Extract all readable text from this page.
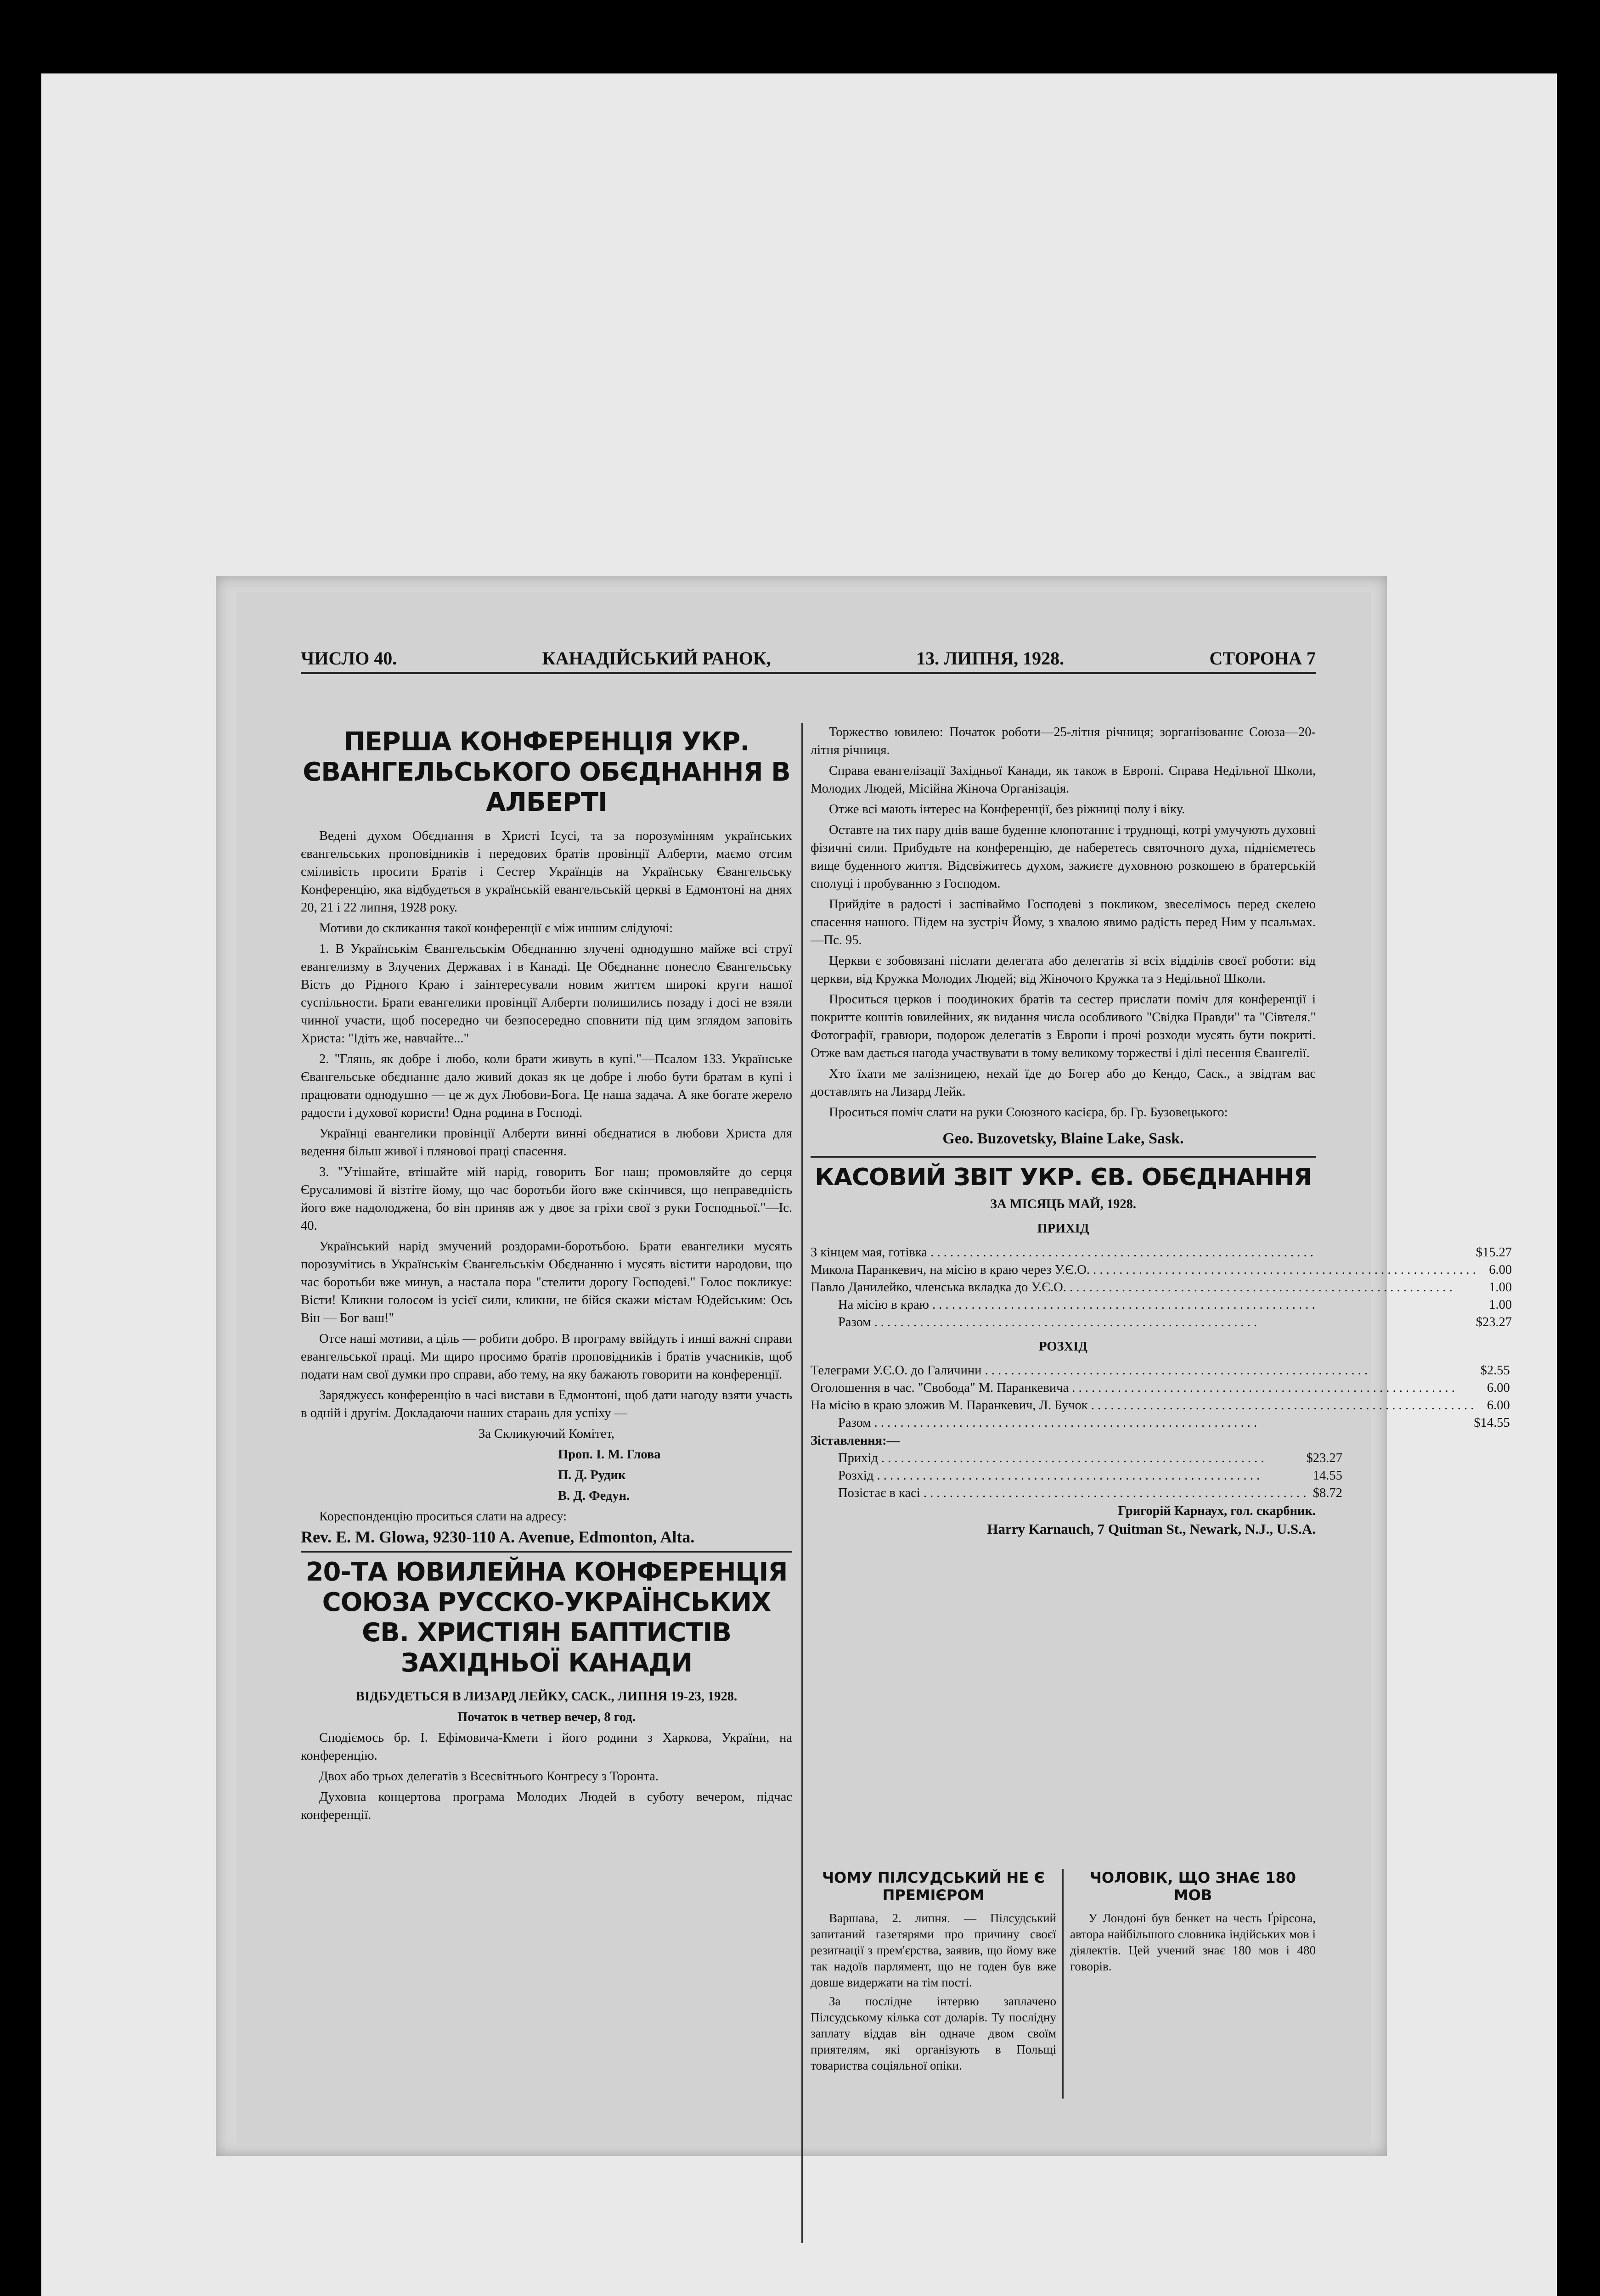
ЧИСЛО 40.	КАНАДІЙСЬКИЙ РАНОК,	13. ЛИПНЯ, 1928.	СТОРОНА 7
ПЕРША КОНФЕРЕНЦІЯ УКР. ЄВАНГЕЛЬСЬКОГО ОБЄДНАННЯ В АЛБЕРТІ

Ведені духом Обєднання в Христі Ісусі, та за порозумінням українських євангельських проповідників і передових братів провінції Алберти, маємо отсим сміливість просити Братів і Сестер Українців на Українську Євангельську Конференцію, яка відбудеться в українській евангельській церкві в Едмонтоні на днях 20, 21 і 22 липня, 1928 року.

Мотиви до скликання такої конференції є між иншим слідуючі:

1. В Українськім Євангельськім Обєднанню злучені однодушно майже всі струї евангелизму в Злучених Державах і в Канаді. Це Обєднаннє понесло Євангельську Вість до Рідного Краю і заінтересували новим життєм широкі круги нашої суспільности. Брати евангелики провінції Алберти полишились позаду і досі не взяли чинної участи, щоб посередно чи безпосередно сповнити під цим зглядом заповіть Христа: "Ідіть же, навчайте..."

2. "Глянь, як добре і любо, коли брати живуть в купі."—Псалом 133. Українське Євангельське обєднаннє дало живий доказ як це добре і любо бути братам в купі і працювати однодушно — це ж дух Любови-Бога. Це наша задача. А яке богате жерело радости і духової користи! Одна родина в Господі.

Українці евангелики провінції Алберти винні обєднатися в любови Христа для ведення більш живої і пляновоі праці спасення.

3. "Утішайте, втішайте мій нарід, говорить Бог наш; промовляйте до серця Єрусалимові й візтіте йому, що час боротьби його вже скінчився, що неправедність його вже надолоджена, бо він приняв аж у двоє за гріхи свої з руки Господньої."—Іс. 40.

Український нарід змучений роздорами-боротьбою. Брати евангелики мусять порозумітись в Українськім Євангельськім Обєднанню і мусять вістити народови, що час боротьби вже минув, а настала пора "стелити дорогу Господеві." Голос покликує: Вісти! Кликни голосом із усієї сили, кликни, не бійся скажи містам Юдейським: Ось Він — Бог ваш!"

Отсе наші мотиви, а ціль — робити добро. В програму ввійдуть і инші важні справи евангельської праці. Ми щиро просимо братів проповідників і братів учасників, щоб подати нам свої думки про справи, або тему, на яку бажають говорити на конференції.

Заряджуєсь конференцію в часі вистави в Едмонтоні, щоб дати нагоду взяти участь в одній і другім. Докладаючи наших старань для успіху —

За Скликуючий Комітет,

Проп. І. М. Глова

П. Д. Рудик

В. Д. Федун.

Кореспонденцію проситься слати на адресу:

Rev. E. M. Glowa, 9230-110 A. Avenue, Edmonton, Alta.

20-ТА ЮВИЛЕЙНА КОНФЕРЕНЦІЯ СОЮЗА РУССКО-УКРАЇНСЬКИХ ЄВ. ХРИСТІЯН БАПТИСТІВ ЗАХІДНЬОЇ КАНАДИ

ВІДБУДЕТЬСЯ В ЛИЗАРД ЛЕЙКУ, САСК., ЛИПНЯ 19-23, 1928.

Початок в четвер вечер, 8 год.

Сподіємось бр. І. Ефімовича-Кмети і його родини з Харкова, України, на конференцію.

Двох або трьох делегатів з Всесвітнього Конгресу з Торонта.

Духовна концертова програма Молодих Людей в суботу вечером, підчас конференції.

Торжество ювилею: Початок роботи—25-літня річниця; зорганізованнє Союза—20-літня річниця.

Справа евангелізації Західньої Канади, як також в Европі. Справа Недільної Школи, Молодих Людей, Місійна Жіноча Організація.

Отже всі мають інтерес на Конференції, без ріжниці полу і віку.

Оставте на тих пару днів ваше буденне клопотаннє і труднощі, котрі умучують духовні фізичні сили. Прибудьте на конференцію, де наберетесь святочного духа, піднієметесь вище буденного життя. Відсвіжитесь духом, зажиєте духовною розкошею в братерській сполуці і пробуванню з Господом.

Прийдіте в радості і заспіваймо Господеві з покликом, звеселімось перед скелею спасення нашого. Підем на зустріч Йому, з хвалою явимо радість перед Ним у псальмах.—Пс. 95.

Церкви є зобовязані післати делегата або делегатів зі всіх відділів своєї роботи: від церкви, від Кружка Молодих Людей; від Жіночого Кружка та з Недільної Школи.

Проситься церков і поодиноких братів та сестер прислати поміч для конференції і покритте коштів ювилейних, як видання числа особливого "Свідка Правди" та "Сівтеля." Фотографії, гравюри, подорож делегатів з Европи і прочі розходи мусять бути покриті. Отже вам дається нагода участвувати в тому великому торжестві і ділі несення Євангелії.

Хто їхати ме залізницею, нехай їде до Богер або до Кендо, Саск., а звідтам вас доставлять на Лизард Лейк.

Проситься поміч слати на руки Союзного касієра, бр. Гр. Бузовецького:

Geo. Buzovetsky, Blaine Lake, Sask.

КАСОВИЙ ЗВІТ УКР. ЄВ. ОБЄДНАННЯ
ЗА МІСЯЦЬ МАЙ, 1928.
ПРИХІД
З кінцем мая, готівка . . .	$15.27
Микола Паранкевич, на місію в краю через У.Є.О. . . .	6.00
Павло Данилейко, членська вкладка до У.Є.О. . . .	1.00
На місію в краю . . .	1.00
Разом . . .	$23.27
РОЗХІД
Телеграми У.Є.О. до Галичини . . .	$2.55
Оголошення в час. "Свобода" М. Паранкевича . . .	6.00
На місію в краю зложив М. Паранкевич, Л. Бучок . . .	6.00
Разом . . .	$14.55
Зіставлення:—
Прихід . . .	$23.27
Розхід . . .	14.55
Позістає в касі . . .	$8.72
Григорій Карнаух, гол. скарбник.
Harry Karnauch, 7 Quitman St., Newark, N.J., U.S.A.
ЧОМУ ПІЛСУДСЬКИЙ НЕ Є ПРЕМІЄРОМ

Варшава, 2. липня. — Пілсудський запитаний газетярями про причину своєї резиґнації з прем'єрства, заявив, що йому вже так надоїв парлямент, що не годен був вже довше видержати на тім пості.

За послідне інтервю заплачено Пілсудському кілька сот доларів. Ту послідну заплату віддав він одначе двом своїм приятелям, які організують в Польщі товариства соціяльної опіки.

ЧОЛОВІК, ЩО ЗНАЄ 180 МОВ

У Лондоні був бенкет на честь Ґрірсона, автора найбільшого словника індійських мов і діялектів. Цей учений знає 180 мов і 480 говорів.
